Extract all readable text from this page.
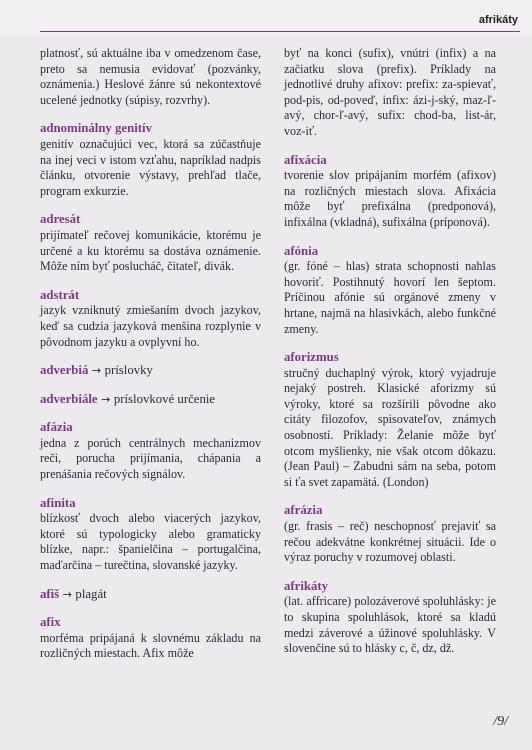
afrikáty

platnosť, sú aktuálne iba v omedzenom čase, preto sa nemusia evidovať (pozvánky, oznámenia.) Heslové žánre sú nekontextové ucelené jednotky (súpisy, rozvrhy).

adnominálny genitív

genitív označujúci vec, ktorá sa zúčastňuje na inej veci v istom vzťahu, napríklad nadpis článku, otvorenie výstavy, prehľad tlače, program exkurzie.

adresát

prijímateľ rečovej komunikácie, ktorému je určené a ku ktorému sa dostáva oznámenie. Môže ním byť poslucháč, čitateľ, divák.

adstrát

jazyk vzniknutý zmiešaním dvoch jazykov, keď sa cudzia jazyková menšina rozplynie v pôvodnom jazyku a ovplyvní ho.

adverbiá → príslovky
adverbiále → príslovkové určenie
afázia

jedna z porúch centrálnych mechanizmov reči, porucha prijímania, chápania a prenášania rečových signálov.

afinita

blízkosť dvoch alebo viacerých jazykov, ktoré sú typologicky alebo gramaticky blízke, napr.: španielčina – portugalčina, maďarčina – turečtina, slovanské jazyky.

afiš → plagát
afix

morféma pripájaná k slovnému základu na rozličných miestach. Afix môže

byť na konci (sufix), vnútri (infix) a na začiatku slova (prefix). Príklady na jednotlivé druhy afixov: prefix: za-spievať, pod-pis, od-poveď, infix: ázi-j-ský, maz-ľ-avý, chor-ľ-avý, sufix: chod-ba, list-ár, voz-iť.

afixácia

tvorenie slov pripájaním morfém (afixov) na rozličných miestach slova. Afixácia môže byť prefixálna (predponová), infixálna (vkladná), sufixálna (príponová).

afónia

(gr. fóné – hlas) strata schopnosti nahlas hovoriť. Postihnutý hovorí len šeptom. Príčinou afónie sú orgánové zmeny v hrtane, najmä na hlasivkách, alebo funkčné zmeny.

aforizmus

stručný duchaplný výrok, ktorý vyjadruje nejaký postreh. Klasické aforizmy sú výroky, ktoré sa rozšírili pôvodne ako citáty filozofov, spisovateľov, známych osobností. Príklady: Želanie môže byť otcom myšlienky, nie však otcom dôkazu. (Jean Paul) – Zabudni sám na seba, potom si ťa svet zapamätá. (London)

afrázia

(gr. frasis – reč) neschopnosť prejaviť sa rečou adekvátne konkrétnej situácii. Ide o výraz poruchy v rozumovej oblasti.

afrikáty

(lat. affricare) polozáverové spoluhlásky: je to skupina spoluhlások, ktoré sa kladú medzi záverové a úžinové spoluhlásky. V slovenčine sú to hlásky c, č, dz, dž.

/9/
